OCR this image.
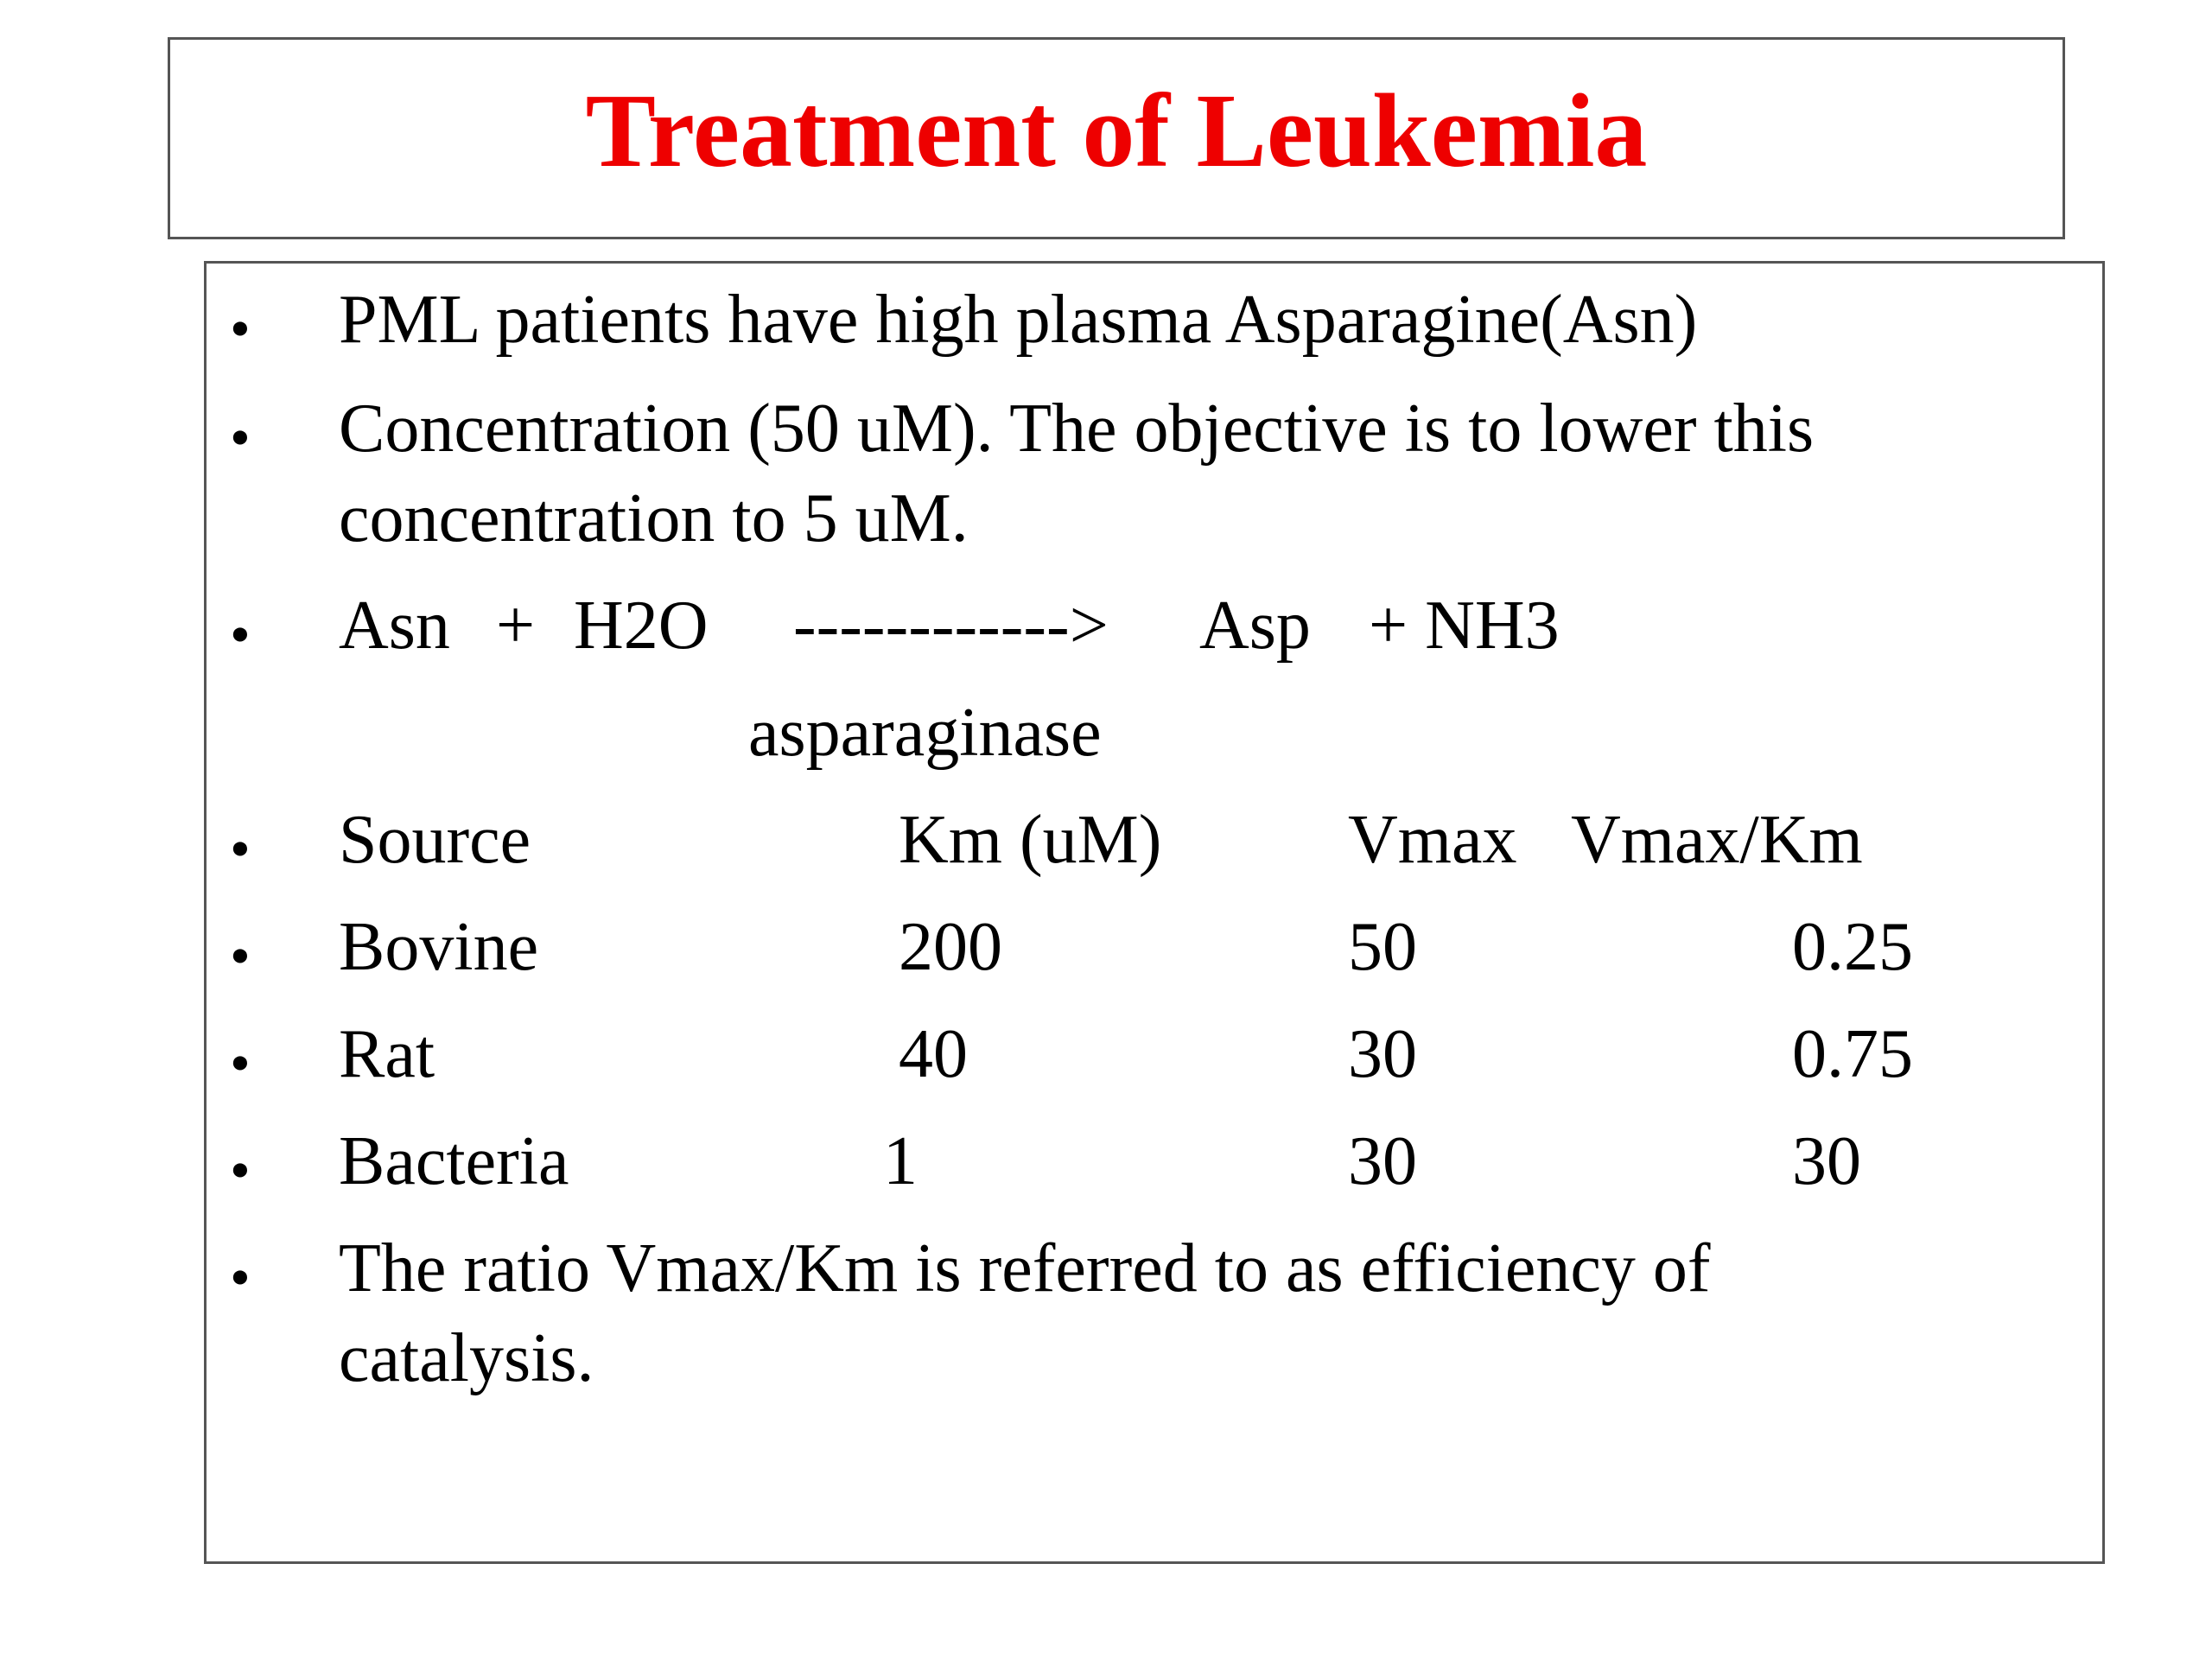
Treatment of Leukemia
• PML patients have high plasma Asparagine(Asn)
• Concentration (50 uM). The objective is to lower this
concentration to 5 uM.
• Asn + H2O ------------> Asp + NH3
asparaginase
• Source	Km (uM)	Vmax Vmax/Km
• Bovine	200	50	0.25
• Rat	40	30	0.75
• Bacteria	1	30	30
• The ratio Vmax/Km is referred to as efficiency of
catalysis.
